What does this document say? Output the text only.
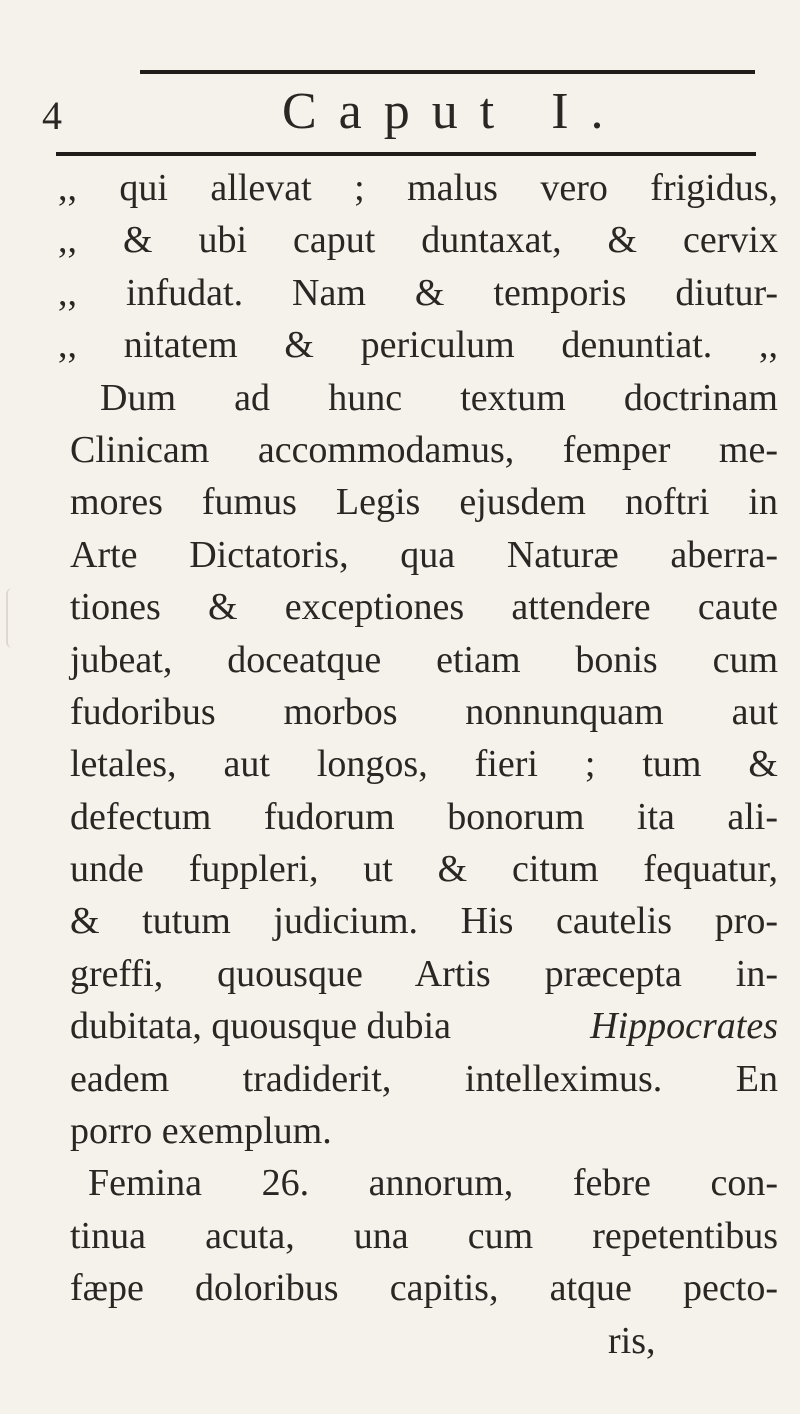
4	Caput I.
,, qui allevat ; malus vero frigidus,
,, & ubi caput duntaxat, & cervix
,, infudat. Nam & temporis diutur-
,, nitatem & periculum denuntiat. ,,
Dum ad hunc textum doctrinam
Clinicam accommodamus, femper me-
mores fumus Legis ejusdem noftri in
Arte Dictatoris, qua Naturæ aberra-
tiones & exceptiones attendere caute
jubeat, doceatque etiam bonis cum
fudoribus morbos nonnunquam aut
letales, aut longos, fieri ; tum &
defectum fudorum bonorum ita ali-
unde fuppleri, ut & citum fequatur,
& tutum judicium. His cautelis pro-
greffi, quousque Artis præcepta in-
dubitata, quousque dubia	Hippocrates
eadem tradiderit, intelleximus. En
porro exemplum.
Femina 26. annorum, febre con-
tinua acuta, una cum repetentibus
fæpe doloribus capitis, atque pecto-
ris,
